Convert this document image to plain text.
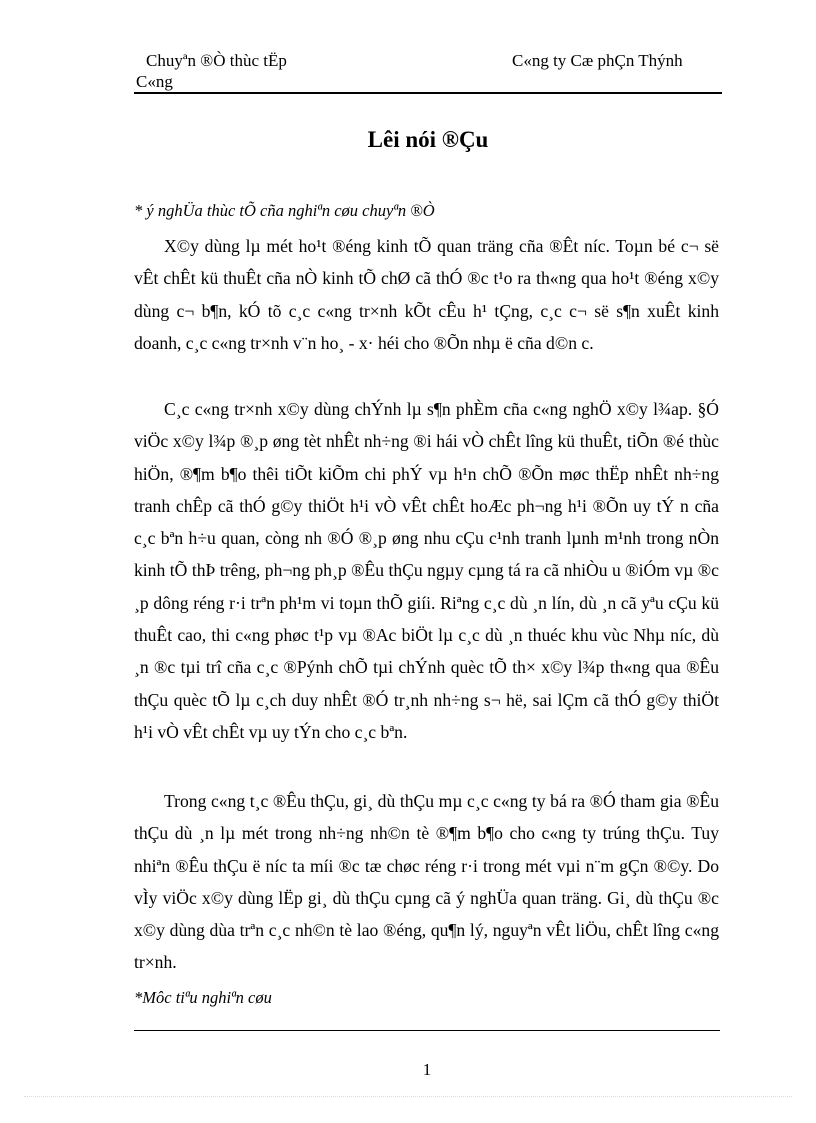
Chuyªn ®Ò thùc tËp
C«ng
C«ng ty Cæ phÇn Thýnh
Lêi nói ®Çu
* ý nghÜa thùc tÕ cña nghiªn cøu chuyªn ®Ò

X©y dùng lµ mét ho¹t ®éng kinh tÕ quan träng cña ®Êt níc. Toµn bé c¬ së vÊt chÊt kü thuÊt cña nÒ kinh tÕ chØ cã thÓ ®c t¹o ra th«ng qua ho¹t ®éng x©y dùng c¬ b¶n, kÓ tõ c¸c c«ng tr×nh kÕt cÊu h¹ tÇng, c¸c c¬ së s¶n xuÊt kinh doanh, c¸c c«ng tr×nh v¨n ho¸ - x· héi cho ®Õn nhµ ë cña d©n c.

C¸c c«ng tr×nh x©y dùng chÝnh lµ s¶n phÈm cña c«ng nghÖ x©y l¾ap. §Ó viÖc x©y l¾p ®¸p øng tèt nhÊt nh÷ng ®i hái vÒ chÊt lîng kü thuÊt, tiÕn ®é thùc hiÖn, ®¶m b¶o thêi tiÕt kiÕm chi phÝ vµ h¹n chÕ ®Õn møc thËp nhÊt nh÷ng tranh chÊp cã thÓ g©y thiÖt h¹i vÒ vÊt chÊt hoÆc ph¬ng h¹i ®Õn uy tÝ n cña c¸c bªn h÷u quan, còng nh ®Ó ®¸p øng nhu cÇu c¹nh tranh lµnh m¹nh trong nÒn kinh tÕ thÞ trêng, ph¬ng ph¸p ®Êu thÇu ngµy cµng tá ra cã nhiÒu u ®iÓm vµ ®c ¸p dông réng r·i trªn ph¹m vi toµn thÕ giíi. Riªng c¸c dù ¸n lín, dù ¸n cã yªu cÇu kü thuÊt cao, thi c«ng phøc t¹p vµ ®Ac biÖt lµ c¸c dù ¸n thuéc khu vùc Nhµ níc, dù ¸n ®c tµi trî cña c¸c ®Pýnh chÕ tµi chÝnh quèc tÕ th× x©y l¾p th«ng qua ®Êu thÇu quèc tÕ lµ c¸ch duy nhÊt ®Ó tr¸nh nh÷ng s¬ hë, sai lÇm cã thÓ g©y thiÖt h¹i vÒ vÊt chÊt vµ uy tÝn cho c¸c bªn.

Trong c«ng t¸c ®Êu thÇu, gi¸ dù thÇu mµ c¸c c«ng ty bá ra ®Ó tham gia ®Êu thÇu dù ¸n lµ mét trong nh÷ng nh©n tè ®¶m b¶o cho c«ng ty trúng thÇu. Tuy nhiªn ®Êu thÇu ë níc ta míi ®c tæ chøc réng r·i trong mét vµi n¨m gÇn ®©y. Do vÌy viÖc x©y dùng lËp gi¸ dù thÇu cµng cã ý nghÜa quan träng. Gi¸ dù thÇu ®c x©y dùng dùa trªn c¸c nh©n tè lao ®éng, qu¶n lý, nguyªn vÊt liÖu, chÊt lîng c«ng tr×nh.

*Môc tiªu nghiªn cøu
1
